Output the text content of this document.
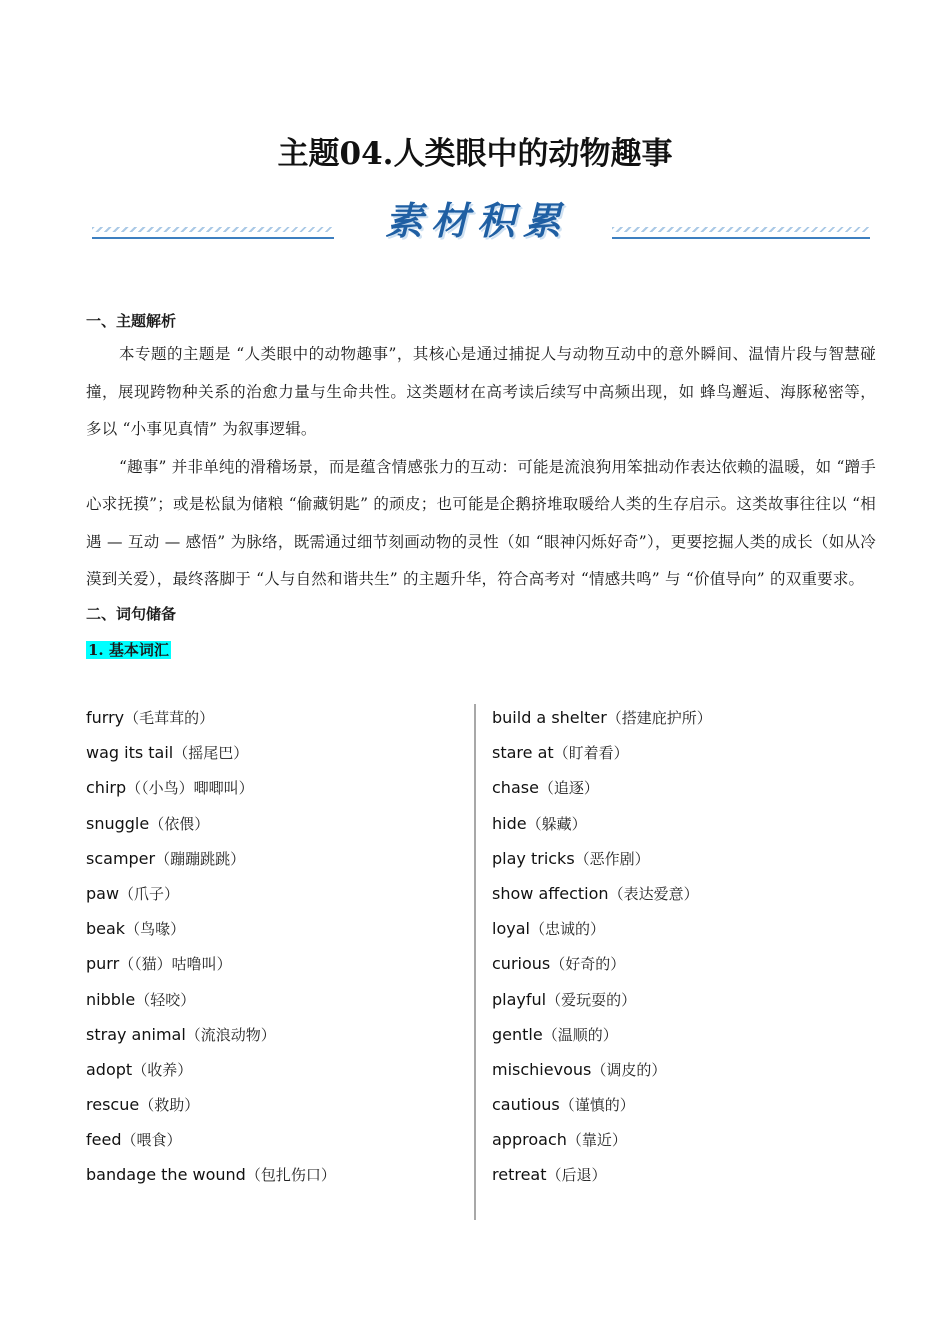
主题04.人类眼中的动物趣事
素材积累
一、主题解析

本专题的主题是 “人类眼中的动物趣事”，其核心是通过捕捉人与动物互动中的意外瞬间、温情片段与智慧碰撞，展现跨物种关系的治愈力量与生命共性。这类题材在高考读后续写中高频出现，如 蜂鸟邂逅、海豚秘密等，多以 “小事见真情” 为叙事逻辑。

“趣事” 并非单纯的滑稽场景，而是蕴含情感张力的互动：可能是流浪狗用笨拙动作表达依赖的温暖，如 “蹭手心求抚摸”；或是松鼠为储粮 “偷藏钥匙” 的顽皮；也可能是企鹅挤堆取暖给人类的生存启示。这类故事往往以 “相遇 — 互动 — 感悟” 为脉络，既需通过细节刻画动物的灵性（如 “眼神闪烁好奇”），更要挖掘人类的成长（如从冷漠到关爱），最终落脚于 “人与自然和谐共生” 的主题升华，符合高考对 “情感共鸣” 与 “价值导向” 的双重要求。

二、词句储备
1. 基本词汇
furry（毛茸茸的）
wag its tail（摇尾巴）
chirp（（小鸟）唧唧叫）
snuggle（依偎）
scamper（蹦蹦跳跳）
paw（爪子）
beak（鸟喙）
purr（（猫）咕噜叫）
nibble（轻咬）
stray animal（流浪动物）
adopt（收养）
rescue（救助）
feed（喂食）
bandage the wound（包扎伤口）
build a shelter（搭建庇护所）
stare at（盯着看）
chase（追逐）
hide（躲藏）
play tricks（恶作剧）
show affection（表达爱意）
loyal（忠诚的）
curious（好奇的）
playful（爱玩耍的）
gentle（温顺的）
mischievous（调皮的）
cautious（谨慎的）
approach（靠近）
retreat（后退）
